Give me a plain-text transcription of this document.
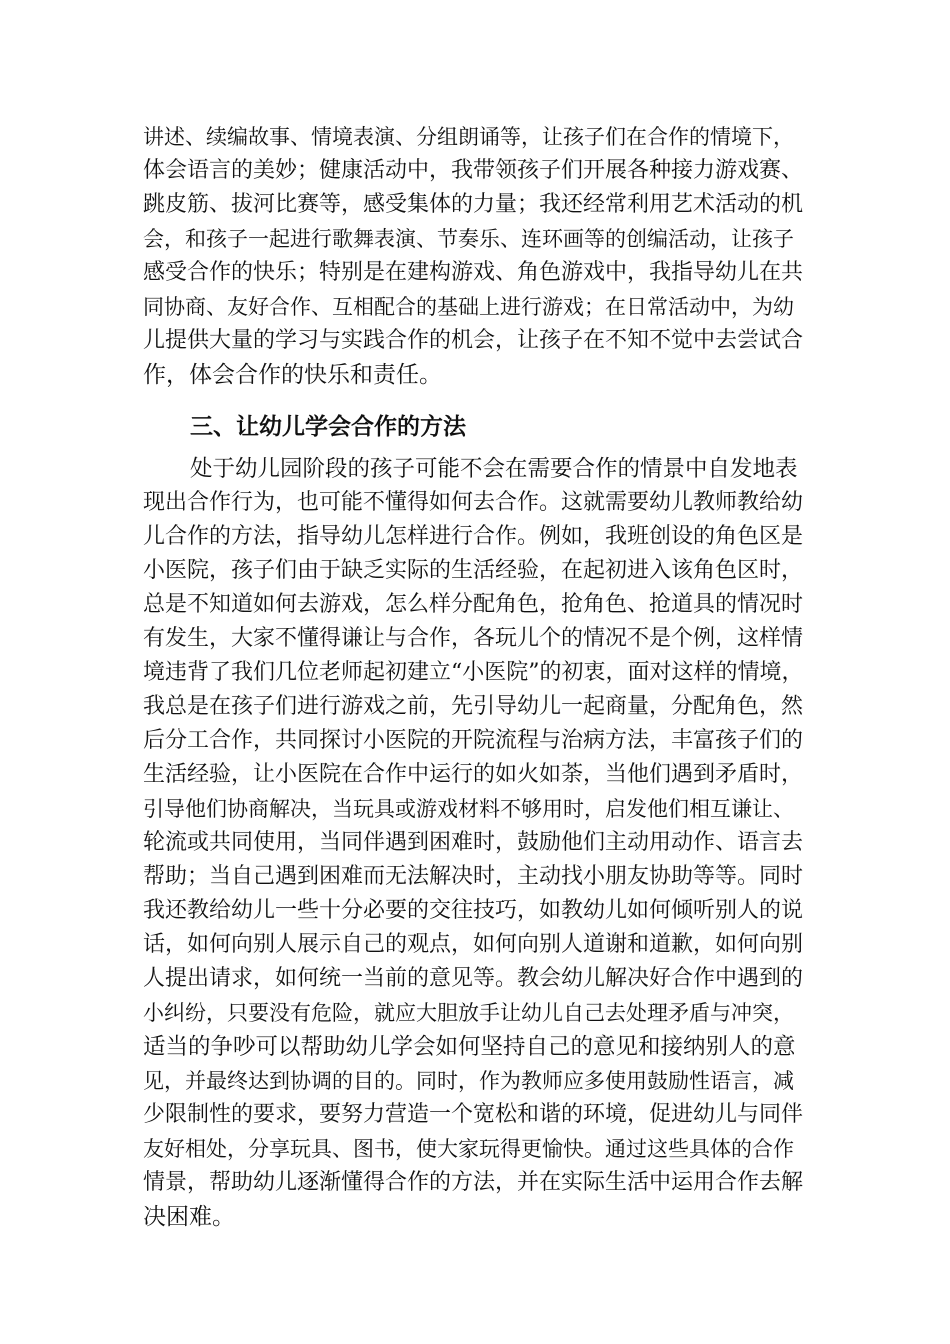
讲述、续编故事、情境表演、分组朗诵等，让孩子们在合作的情境下，
体会语言的美妙；健康活动中，我带领孩子们开展各种接力游戏赛、
跳皮筋、拔河比赛等，感受集体的力量；我还经常利用艺术活动的机
会，和孩子一起进行歌舞表演、节奏乐、连环画等的创编活动，让孩子
感受合作的快乐；特别是在建构游戏、角色游戏中，我指导幼儿在共
同协商、友好合作、互相配合的基础上进行游戏；在日常活动中，为幼
儿提供大量的学习与实践合作的机会，让孩子在不知不觉中去尝试合
作，体会合作的快乐和责任。
三、让幼儿学会合作的方法
处于幼儿园阶段的孩子可能不会在需要合作的情景中自发地表
现出合作行为，也可能不懂得如何去合作。这就需要幼儿教师教给幼
儿合作的方法，指导幼儿怎样进行合作。例如，我班创设的角色区是
小医院，孩子们由于缺乏实际的生活经验，在起初进入该角色区时，
总是不知道如何去游戏，怎么样分配角色，抢角色、抢道具的情况时
有发生，大家不懂得谦让与合作，各玩儿个的情况不是个例，这样情
境违背了我们几位老师起初建立“小医院”的初衷，面对这样的情境，
我总是在孩子们进行游戏之前，先引导幼儿一起商量，分配角色，然
后分工合作，共同探讨小医院的开院流程与治病方法，丰富孩子们的
生活经验，让小医院在合作中运行的如火如荼，当他们遇到矛盾时，
引导他们协商解决，当玩具或游戏材料不够用时，启发他们相互谦让、
轮流或共同使用，当同伴遇到困难时，鼓励他们主动用动作、语言去
帮助；当自己遇到困难而无法解决时，主动找小朋友协助等等。同时
我还教给幼儿一些十分必要的交往技巧，如教幼儿如何倾听别人的说
话，如何向别人展示自己的观点，如何向别人道谢和道歉，如何向别
人提出请求，如何统一当前的意见等。教会幼儿解决好合作中遇到的
小纠纷，只要没有危险，就应大胆放手让幼儿自己去处理矛盾与冲突，
适当的争吵可以帮助幼儿学会如何坚持自己的意见和接纳别人的意
见，并最终达到协调的目的。同时，作为教师应多使用鼓励性语言，减
少限制性的要求，要努力营造一个宽松和谐的环境，促进幼儿与同伴
友好相处，分享玩具、图书，使大家玩得更愉快。通过这些具体的合作
情景，帮助幼儿逐渐懂得合作的方法，并在实际生活中运用合作去解
决困难。
